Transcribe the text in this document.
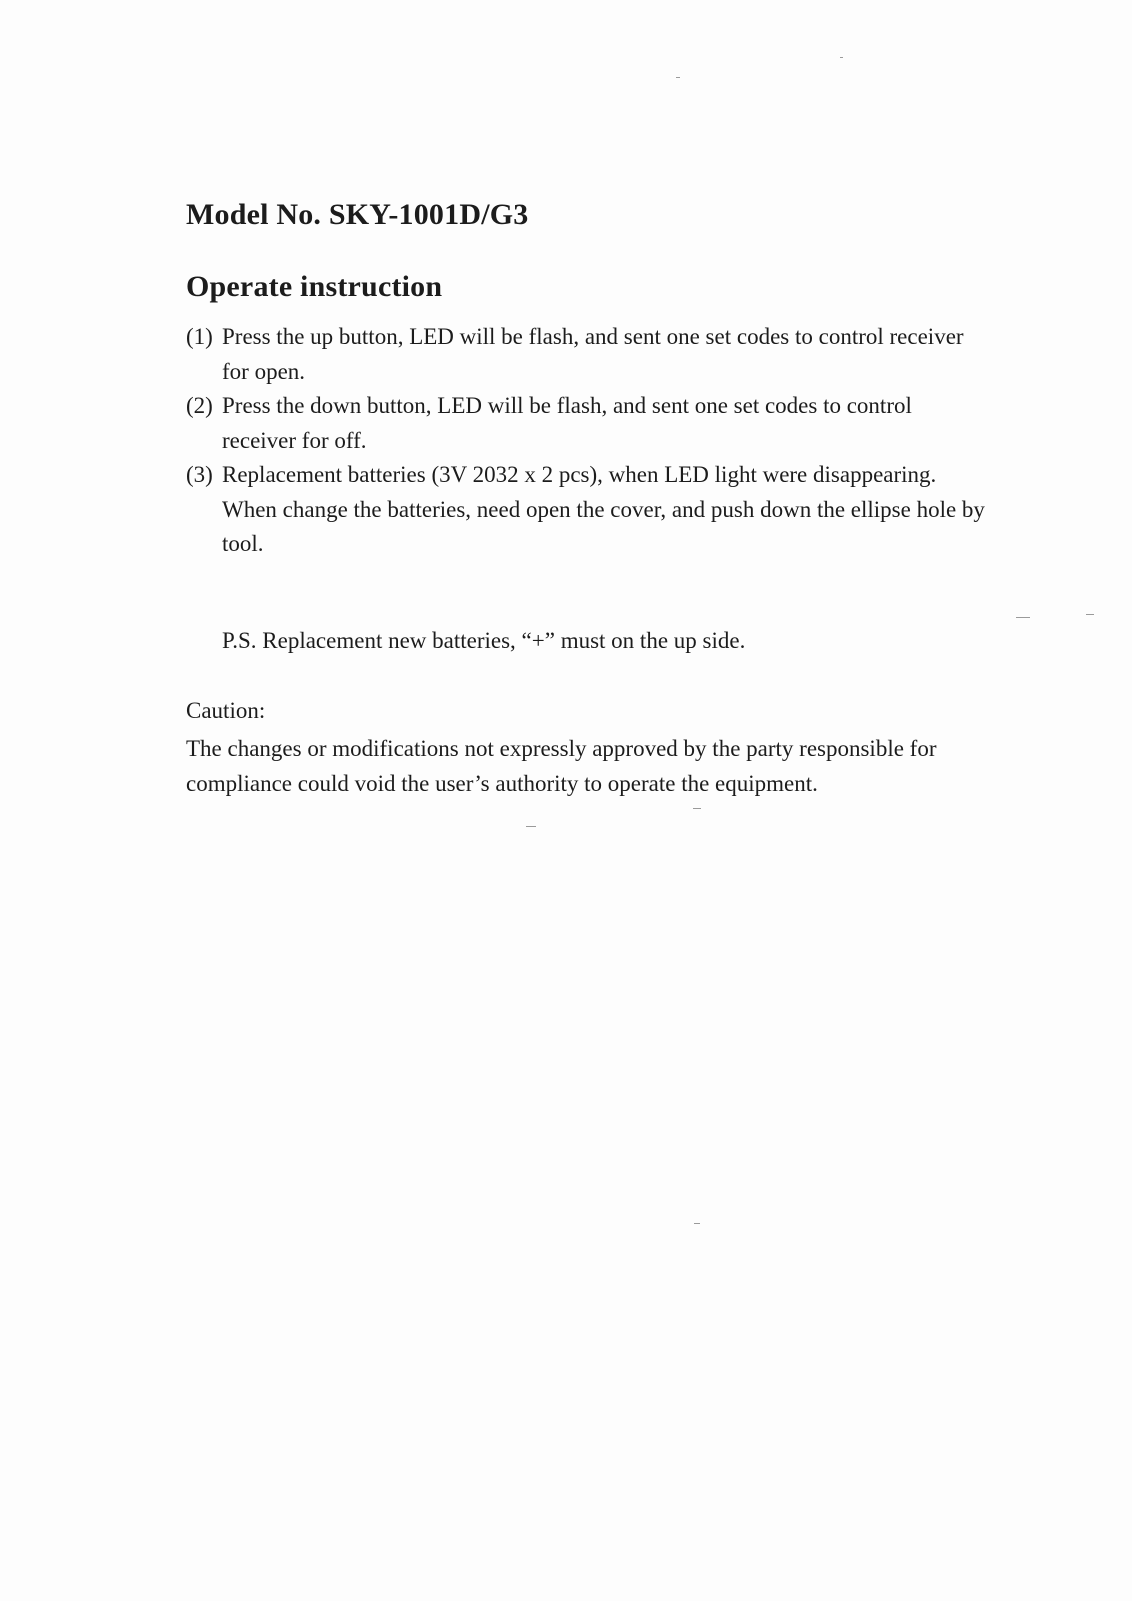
Model No. SKY-1001D/G3
Operate instruction
(1) Press the up button, LED will be flash, and sent one set codes to control receiver for open.
(2) Press the down button, LED will be flash, and sent one set codes to control receiver for off.
(3) Replacement batteries (3V 2032 x 2 pcs), when LED light were disappearing.
When change the batteries, need open the cover, and push down the ellipse hole by tool.
P.S. Replacement new batteries, “+” must on the up side.
Caution:
The changes or modifications not expressly approved by the party responsible for compliance could void the user’s authority to operate the equipment.
